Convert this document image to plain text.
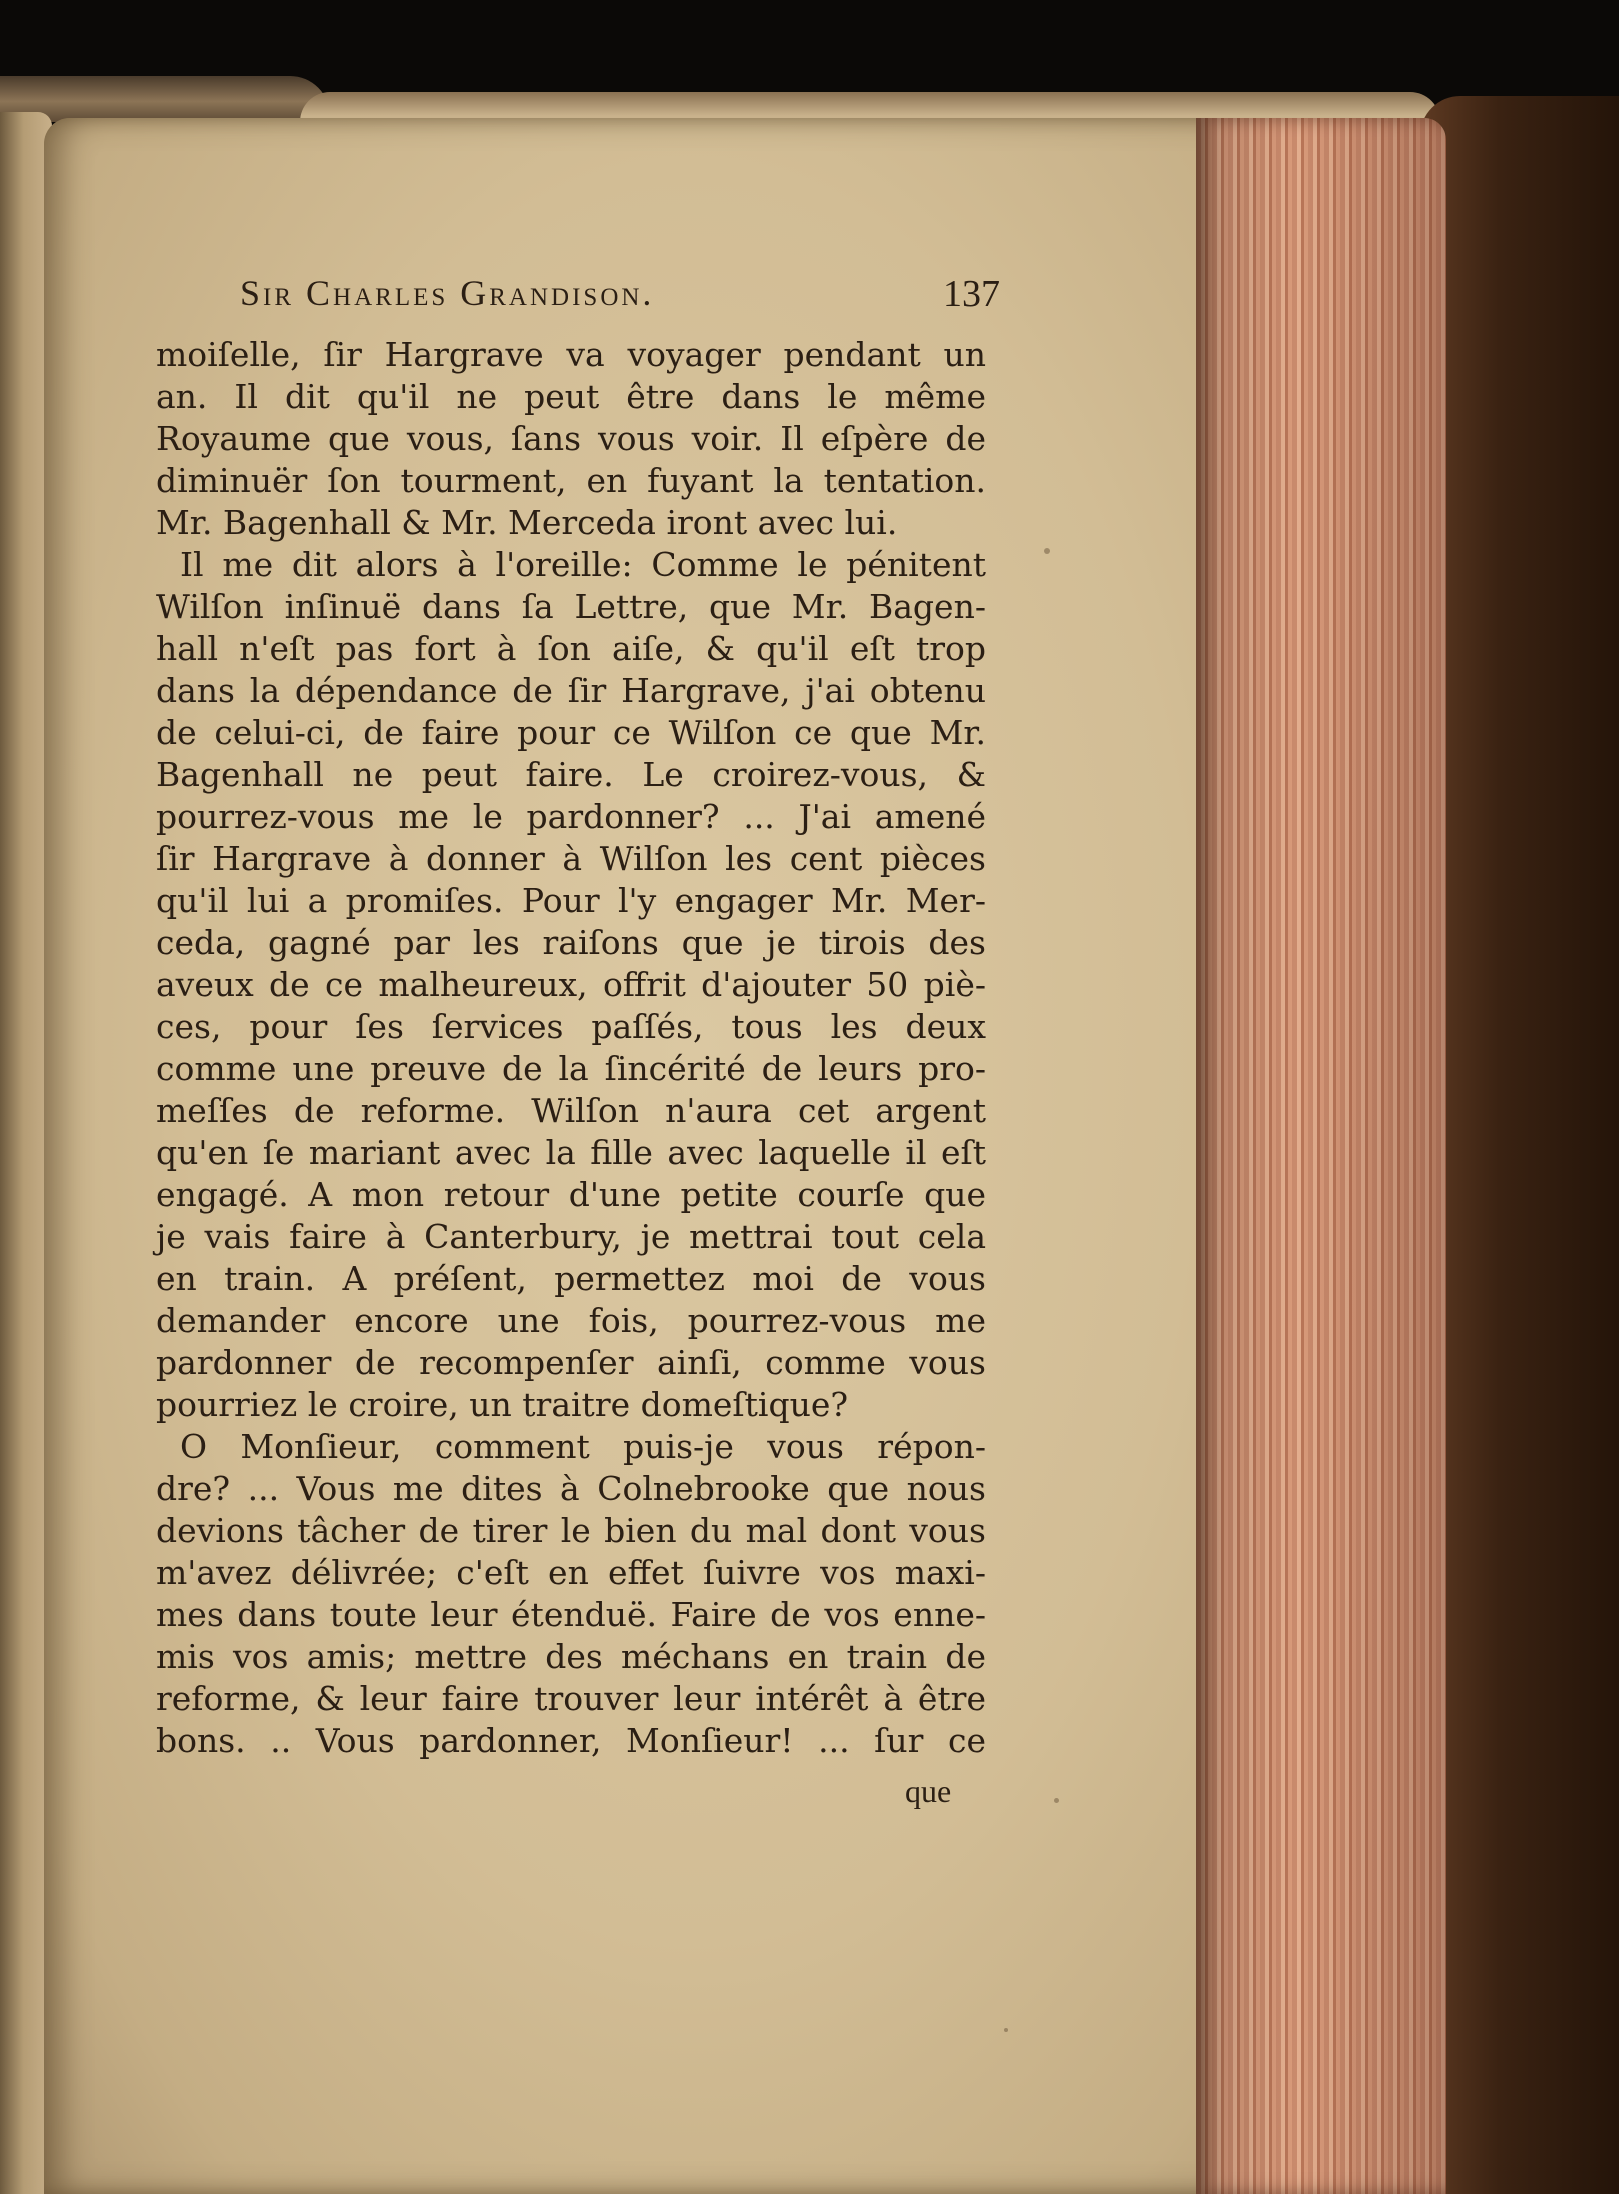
Sir Charles Grandison.	137
moiſelle, ſir Hargrave va voyager pendant un
an. Il dit qu'il ne peut être dans le même
Royaume que vous, ſans vous voir. Il eſpère de
diminuër ſon tourment, en fuyant la tentation.
Mr. Bagenhall & Mr. Merceda iront avec lui.
Il me dit alors à l'oreille: Comme le pénitent
Wilſon inſinuë dans ſa Lettre, que Mr. Bagen-
hall n'eſt pas fort à ſon aiſe, & qu'il eſt trop
dans la dépendance de ſir Hargrave, j'ai obtenu
de celui-ci, de faire pour ce Wilſon ce que Mr.
Bagenhall ne peut faire. Le croirez-vous, &
pourrez-vous me le pardonner? ... J'ai amené
ſir Hargrave à donner à Wilſon les cent pièces
qu'il lui a promiſes. Pour l'y engager Mr. Mer-
ceda, gagné par les raiſons que je tirois des
aveux de ce malheureux, offrit d'ajouter 50 piè-
ces, pour ſes ſervices paſſés, tous les deux
comme une preuve de la ſincérité de leurs pro-
meſſes de reforme. Wilſon n'aura cet argent
qu'en ſe mariant avec la fille avec laquelle il eſt
engagé. A mon retour d'une petite courſe que
je vais faire à Canterbury, je mettrai tout cela
en train. A préſent, permettez moi de vous
demander encore une fois, pourrez-vous me
pardonner de recompenſer ainſi, comme vous
pourriez le croire, un traitre domeſtique?
O Monſieur, comment puis-je vous répon-
dre? ... Vous me dites à Colnebrooke que nous
devions tâcher de tirer le bien du mal dont vous
m'avez délivrée; c'eſt en effet ſuivre vos maxi-
mes dans toute leur étenduë. Faire de vos enne-
mis vos amis; mettre des méchans en train de
reforme, & leur faire trouver leur intérêt à être
bons. .. Vous pardonner, Monſieur! ... ſur ce
que
